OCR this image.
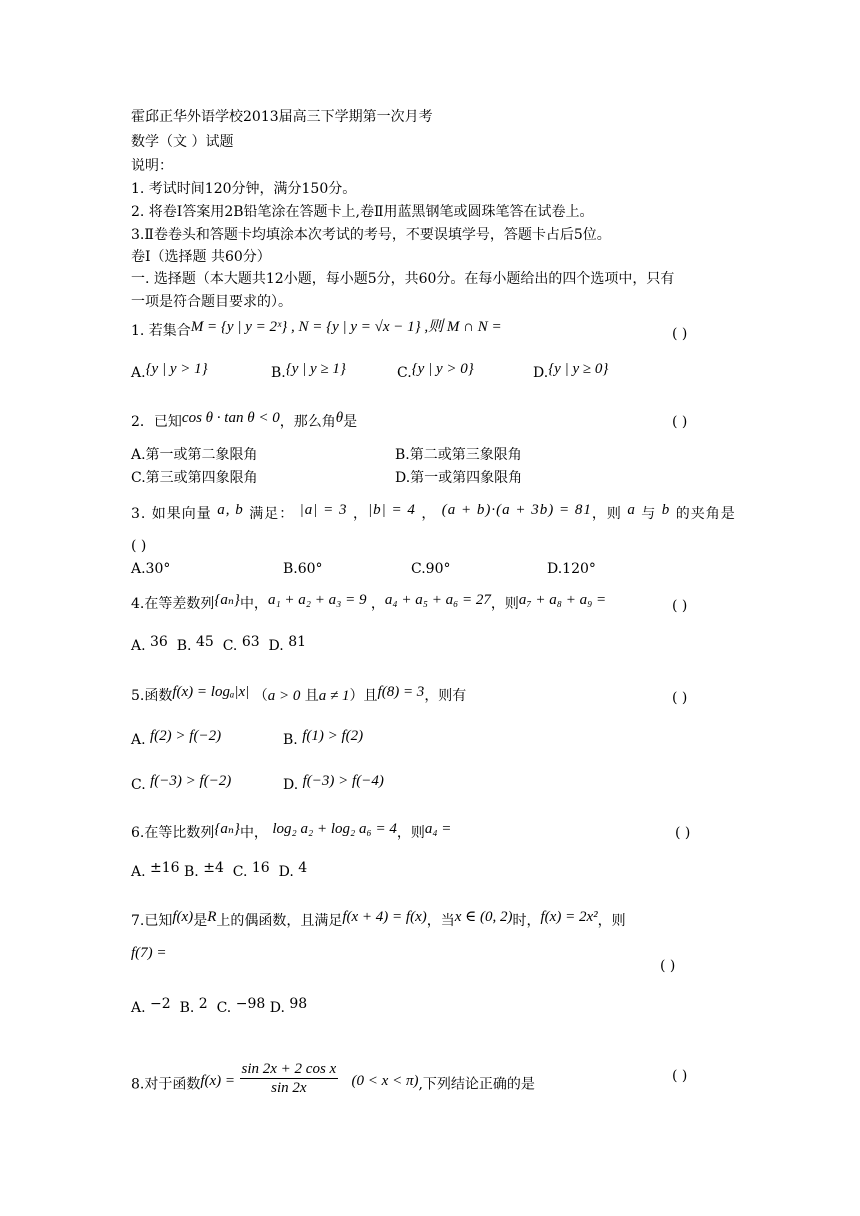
霍邱正华外语学校2013届高三下学期第一次月考
数学（文 ）试题
说明：
1. 考试时间120分钟，满分150分。
2. 将卷Ⅰ答案用2B铅笔涂在答题卡上,卷Ⅱ用蓝黑钢笔或圆珠笔答在试卷上。
3.Ⅱ卷卷头和答题卡均填涂本次考试的考号，不要误填学号，答题卡占后5位。
卷Ⅰ（选择题 共60分）
一. 选择题（本大题共12小题，每小题5分，共60分。在每小题给出的四个选项中，只有
一项是符合题目要求的）。
1. 若集合M = {y | y = 2ˣ} , N = {y | y = √x − 1} ,则 M ∩ N =	( )
A.{y | y > 1}	B.{y | y ≥ 1}	C.{y | y > 0}	D.{y | y ≥ 0}
2．已知cos θ · tan θ < 0，那么角θ是	( )
A.第一或第二象限角	B.第二或第三象限角
C.第三或第四象限角	D.第一或第四象限角
3. 如果向量 a, b 满足： |a| = 3 ，|b| = 4 ， (a + b)·(a + 3b) = 81，则 a 与 b 的夹角是
( )
A.30°	B.60°	C.90°	D.120°
4.在等差数列{aₙ}中，a₁ + a₂ + a₃ = 9 ，a₄ + a₅ + a₆ = 27，则a₇ + a₈ + a₉ =	( )
A. 36 B. 45 C. 63 D. 81
5.函数f(x) = logₐ|x| （a > 0 且a ≠ 1）且f(8) = 3，则有	( )
A. f(2) > f(−2)	B. f(1) > f(2)
C. f(−3) > f(−2)	D. f(−3) > f(−4)
6.在等比数列{aₙ}中， log₂ a₂ + log₂ a₆ = 4，则a₄ =	( )
A. ±16 B. ±4 C. 16 D. 4
7.已知f(x)是R上的偶函数，且满足f(x + 4) = f(x)，当x ∈ (0, 2)时，f(x) = 2x²，则
f(7) =
( )
A. −2 B. 2 C. −98 D. 98
8.对于函数$f(x) = \frac{\text{sin 2x + 2 cos x}}{\sin 2x} (0 < x < \pi)$,下列结论正确的是
( )
